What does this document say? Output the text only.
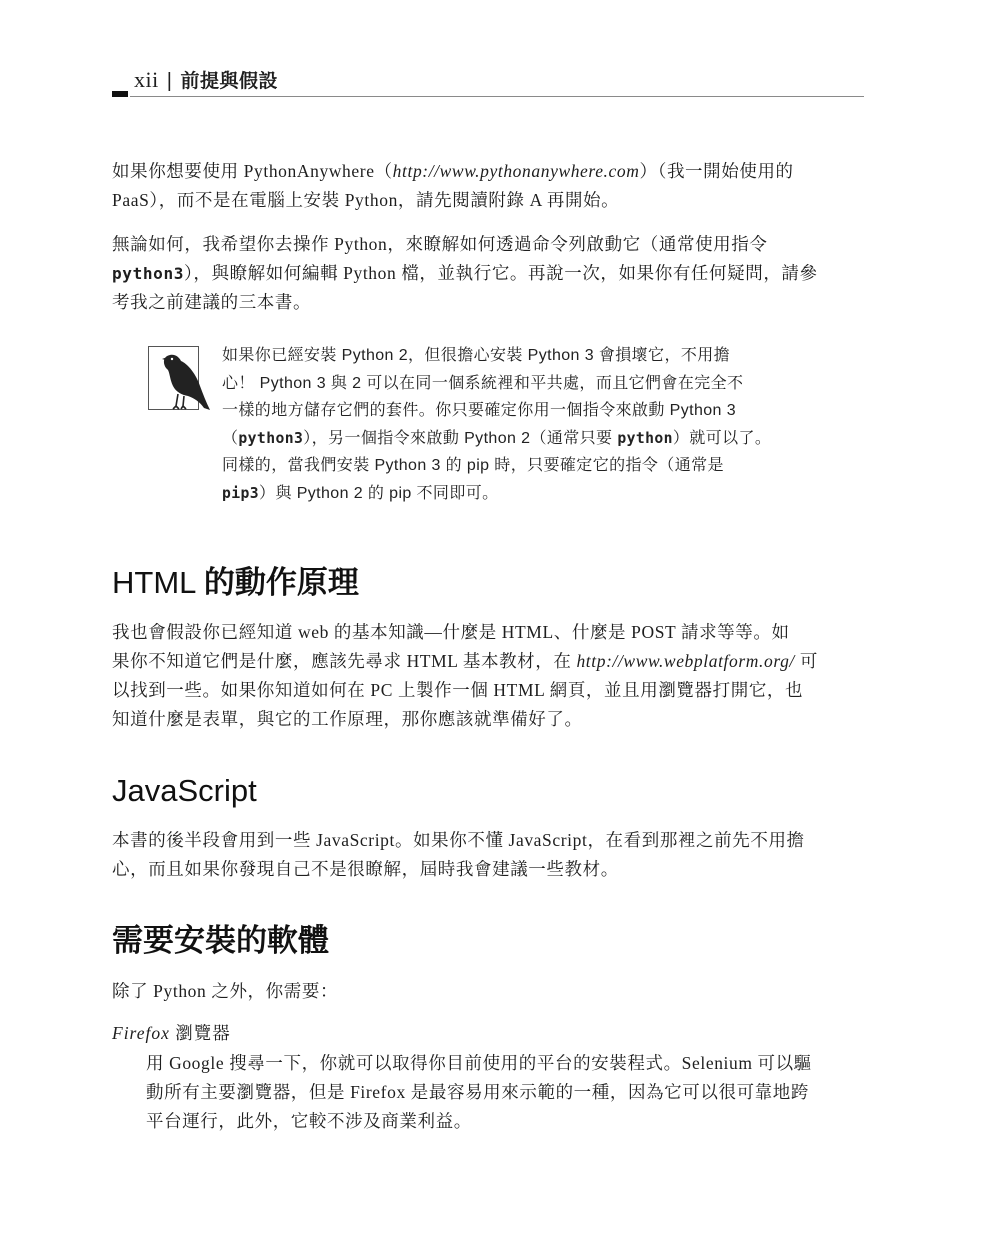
xii | 前提與假設

如果你想要使用 PythonAnywhere（http://www.pythonanywhere.com）（我一開始使用的
PaaS），而不是在電腦上安裝 Python，請先閱讀附錄 A 再開始。

無論如何，我希望你去操作 Python，來瞭解如何透過命令列啟動它（通常使用指令
python3），與瞭解如何編輯 Python 檔，並執行它。再說一次，如果你有任何疑問，請參
考我之前建議的三本書。

如果你已經安裝 Python 2，但很擔心安裝 Python 3 會損壞它，不用擔
心！ Python 3 與 2 可以在同一個系統裡和平共處，而且它們會在完全不
一樣的地方儲存它們的套件。你只要確定你用一個指令來啟動 Python 3
（python3），另一個指令來啟動 Python 2（通常只要 python）就可以了。
同樣的，當我們安裝 Python 3 的 pip 時，只要確定它的指令（通常是
pip3）與 Python 2 的 pip 不同即可。
HTML 的動作原理

我也會假設你已經知道 web 的基本知識—什麼是 HTML、什麼是 POST 請求等等。如
果你不知道它們是什麼，應該先尋求 HTML 基本教材，在 http://www.webplatform.org/ 可
以找到一些。如果你知道如何在 PC 上製作一個 HTML 網頁，並且用瀏覽器打開它，也
知道什麼是表單，與它的工作原理，那你應該就準備好了。

JavaScript

本書的後半段會用到一些 JavaScript。如果你不懂 JavaScript，在看到那裡之前先不用擔
心，而且如果你發現自己不是很瞭解，屆時我會建議一些教材。

需要安裝的軟體

除了 Python 之外，你需要：

Firefox 瀏覽器
用 Google 搜尋一下，你就可以取得你目前使用的平台的安裝程式。Selenium 可以驅
動所有主要瀏覽器，但是 Firefox 是最容易用來示範的一種，因為它可以很可靠地跨
平台運行，此外，它較不涉及商業利益。
